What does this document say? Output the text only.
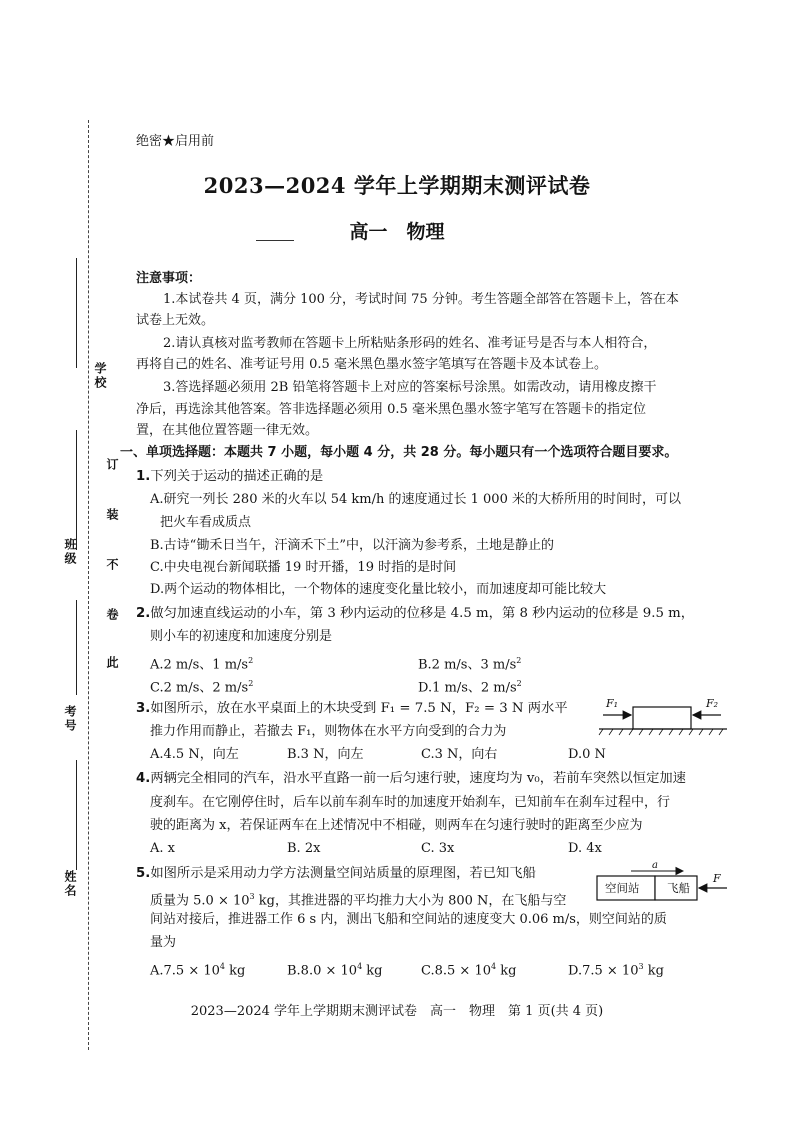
学校
班级
考号
姓名
订
装
不
卷
此
绝密★启用前
2023—2024 学年上学期期末测评试卷
高一　物理
注意事项：
1.本试卷共 4 页，满分 100 分，考试时间 75 分钟。考生答题全部答在答题卡上，答在本
试卷上无效。
2.请认真核对监考教师在答题卡上所粘贴条形码的姓名、准考证号是否与本人相符合，
再将自己的姓名、准考证号用 0.5 毫米黑色墨水签字笔填写在答题卡及本试卷上。
3.答选择题必须用 2B 铅笔将答题卡上对应的答案标号涂黑。如需改动，请用橡皮擦干
净后，再选涂其他答案。答非选择题必须用 0.5 毫米黑色墨水签字笔写在答题卡的指定位
置，在其他位置答题一律无效。
一、单项选择题：本题共 7 小题，每小题 4 分，共 28 分。每小题只有一个选项符合题目要求。
1.下列关于运动的描述正确的是
A.研究一列长 280 米的火车以 54 km/h 的速度通过长 1 000 米的大桥所用的时间时，可以
把火车看成质点
B.古诗“锄禾日当午，汗滴禾下土”中，以汗滴为参考系，土地是静止的
C.中央电视台新闻联播 19 时开播，19 时指的是时间
D.两个运动的物体相比，一个物体的速度变化量比较小，而加速度却可能比较大
2.做匀加速直线运动的小车，第 3 秒内运动的位移是 4.5 m，第 8 秒内运动的位移是 9.5 m，
则小车的初速度和加速度分别是
A.2 m/s、1 $m/s^2$	B.2 m/s、3 $m/s^2$
C.2 m/s、2 $m/s^2$	D.1 m/s、2 $m/s^2$
3.如图所示，放在水平桌面上的木块受到 F₁ = 7.5 N，F₂ = 3 N 两水平
推力作用而静止，若撤去 F₁，则物体在水平方向受到的合力为
A.4.5 N，向左	B.3 N，向左	C.3 N，向右	D.0 N
F₁	F₂
4.两辆完全相同的汽车，沿水平直路一前一后匀速行驶，速度均为 v₀，若前车突然以恒定加速
度刹车。在它刚停住时，后车以前车刹车时的加速度开始刹车，已知前车在刹车过程中，行
驶的距离为 x，若保证两车在上述情况中不相碰，则两车在匀速行驶时的距离至少应为
A. x	B. 2x	C. 3x	D. 4x
5.如图所示是采用动力学方法测量空间站质量的原理图，若已知飞船
质量为 $5.0 \times 10^3$ kg，其推进器的平均推力大小为 800 N，在飞船与空
间站对接后，推进器工作 6 s 内，测出飞船和空间站的速度变大 0.06 m/s，则空间站的质
量为
$A.7.5 \times 10^4$ kg	$B.8.0 \times 10^4$ kg	$C.8.5 \times 10^4$ kg	$D.7.5 \times 10^3$ kg
a
空间站 飞船
F
2023—2024 学年上学期期末测评试卷　高一　物理　第 1 页(共 4 页)
